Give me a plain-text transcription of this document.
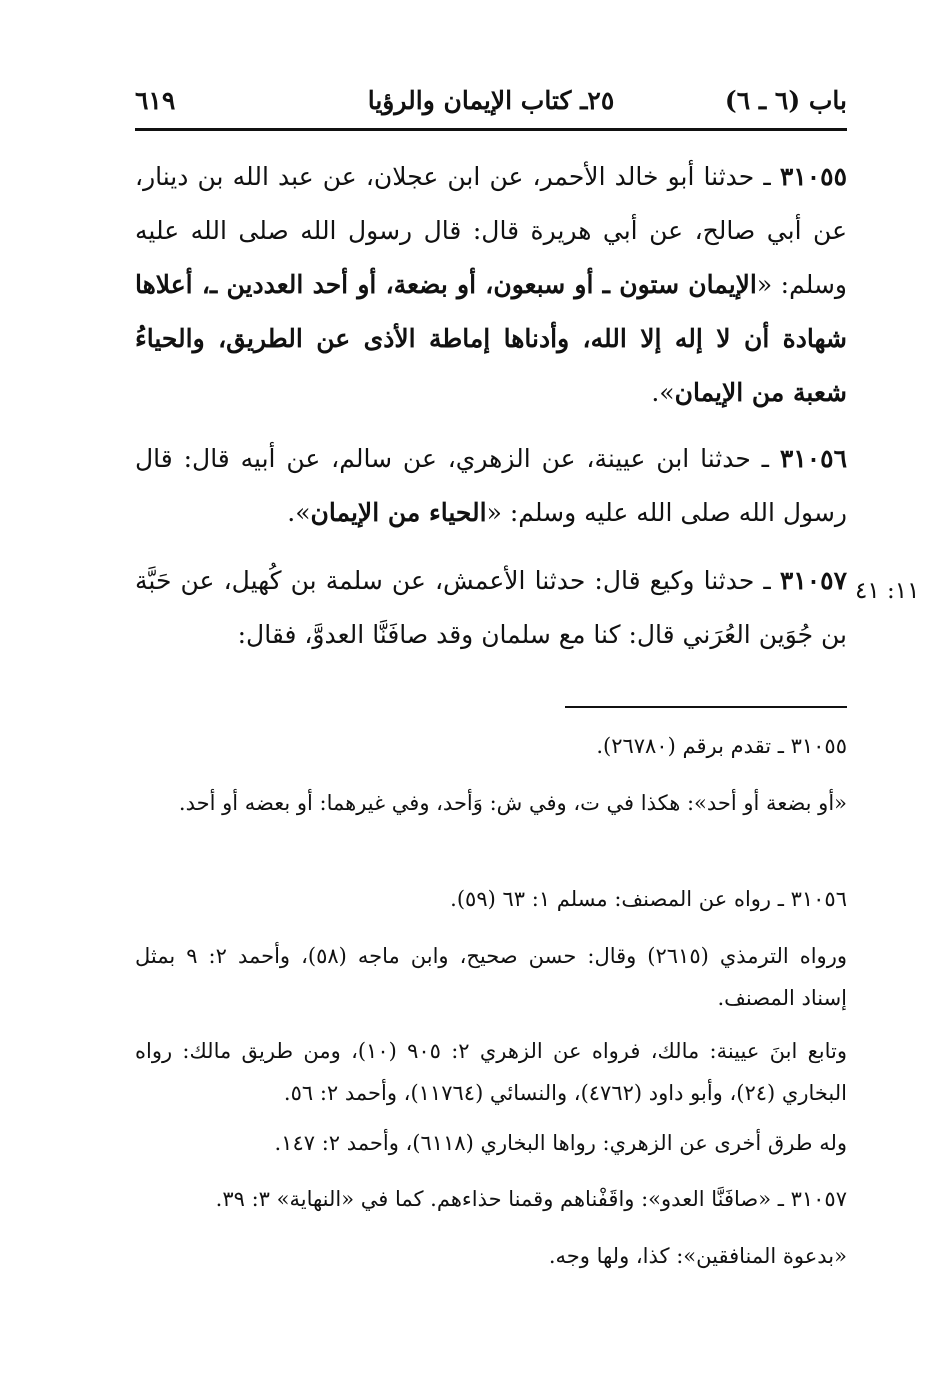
باب (٦ ـ ٦)
٢٥ـ كتاب الإيمان والرؤيا
٦١٩

٣١٠٥٥ ـ حدثنا أبو خالد الأحمر، عن ابن عجلان، عن عبد الله بن دينار، عن أبي صالح، عن أبي هريرة قال: قال رسول الله صلى الله عليه وسلم: «الإيمان ستون ـ أو سبعون، أو بضعة، أو أحد العددين ـ، أعلاها شهادة أن لا إله إلا الله، وأدناها إماطة الأذى عن الطريق، والحياءُ شعبة من الإيمان».

٣١٠٥٦ ـ حدثنا ابن عيينة، عن الزهري، عن سالم، عن أبيه قال: قال رسول الله صلى الله عليه وسلم: «الحياء من الإيمان».

١١: ٤١

٣١٠٥٧ ـ حدثنا وكيع قال: حدثنا الأعمش، عن سلمة بن كُهيل، عن حَبَّة بن جُوَين العُرَني قال: كنا مع سلمان وقد صافَنَّا العدوَّ، فقال:

٣١٠٥٥ ـ تقدم برقم (٢٦٧٨٠).

«أو بضعة أو أحد»: هكذا في ت، وفي ش: وَأحد، وفي غيرهما: أو بعضه أو أحد.

٣١٠٥٦ ـ رواه عن المصنف: مسلم ١: ٦٣ (٥٩).

ورواه الترمذي (٢٦١٥) وقال: حسن صحيح، وابن ماجه (٥٨)، وأحمد ٢: ٩ بمثل إسناد المصنف.

وتابع ابنَ عيينة: مالك، فرواه عن الزهري ٢: ٩٠٥ (١٠)، ومن طريق مالك: رواه البخاري (٢٤)، وأبو داود (٤٧٦٢)، والنسائي (١١٧٦٤)، وأحمد ٢: ٥٦.

وله طرق أخرى عن الزهري: رواها البخاري (٦١١٨)، وأحمد ٢: ١٤٧.

٣١٠٥٧ ـ «صافَنَّا العدو»: واقَفْناهم وقمنا حذاءهم. كما في «النهاية» ٣: ٣٩.

«بدعوة المنافقين»: كذا، ولها وجه.
